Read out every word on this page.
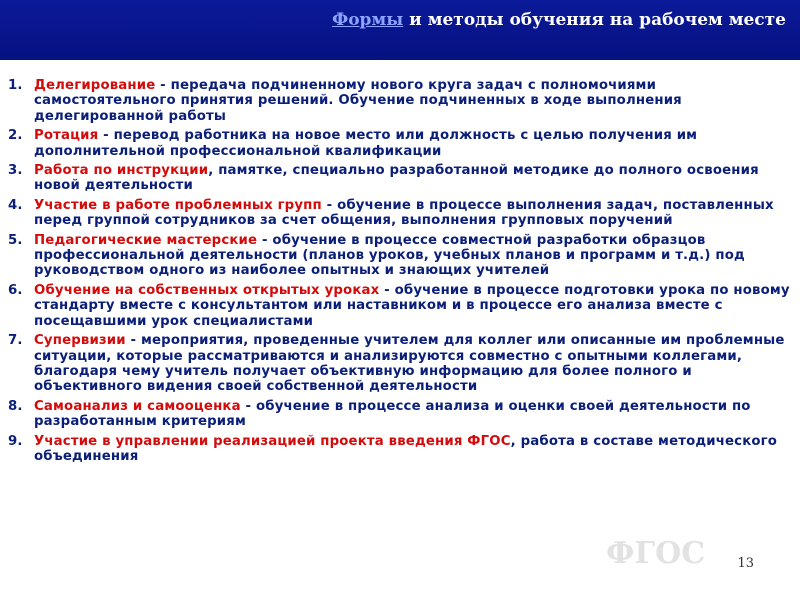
Формы и методы обучения на рабочем месте
1. Делегирование - передача подчиненному нового круга задач с полномочиями самостоятельного принятия решений. Обучение подчиненных в ходе выполнения делегированной работы
2. Ротация - перевод работника на новое место или должность с целью получения им дополнительной профессиональной квалификации
3. Работа по инструкции, памятке, специально разработанной методике до полного освоения новой деятельности
4. Участие в работе проблемных групп - обучение в процессе выполнения задач, поставленных перед группой сотрудников за счет общения, выполнения групповых поручений
5. Педагогические мастерские - обучение в процессе совместной разработки образцов профессиональной деятельности (планов уроков, учебных планов и программ и т.д.) под руководством одного из наиболее опытных и знающих учителей
6. Обучение на собственных открытых уроках - обучение в процессе подготовки урока по новому стандарту вместе с консультантом или наставником и в процессе его анализа вместе с посещавшими урок специалистами
7. Супервизии - мероприятия, проведенные учителем для коллег или описанные им проблемные ситуации, которые рассматриваются и анализируются совместно с опытными коллегами, благодаря чему учитель получает объективную информацию для более полного и объективного видения своей собственной деятельности
8. Самоанализ и самооценка - обучение в процессе анализа и оценки своей деятельности по разработанным критериям
9. Участие в управлении реализацией проекта введения ФГОС, работа в составе методического объединения
ФГОС 13
